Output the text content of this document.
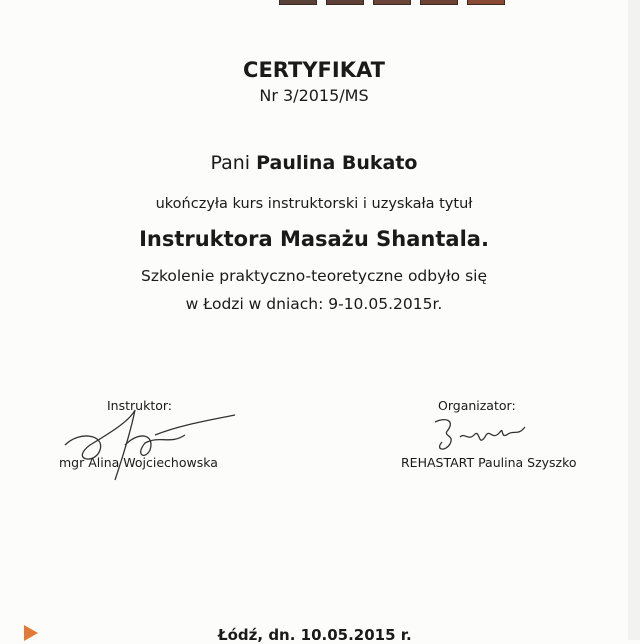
CERTYFIKAT
Nr 3/2015/MS
Pani Paulina Bukato
ukończyła kurs instruktorski i uzyskała tytuł
Instruktora Masażu Shantala.
Szkolenie praktyczno-teoretyczne odbyło się
w Łodzi w dniach: 9-10.05.2015r.
Instruktor:
mgr Alina Wojciechowska
Organizator:
REHASTART Paulina Szyszko
Łódź, dn. 10.05.2015 r.
